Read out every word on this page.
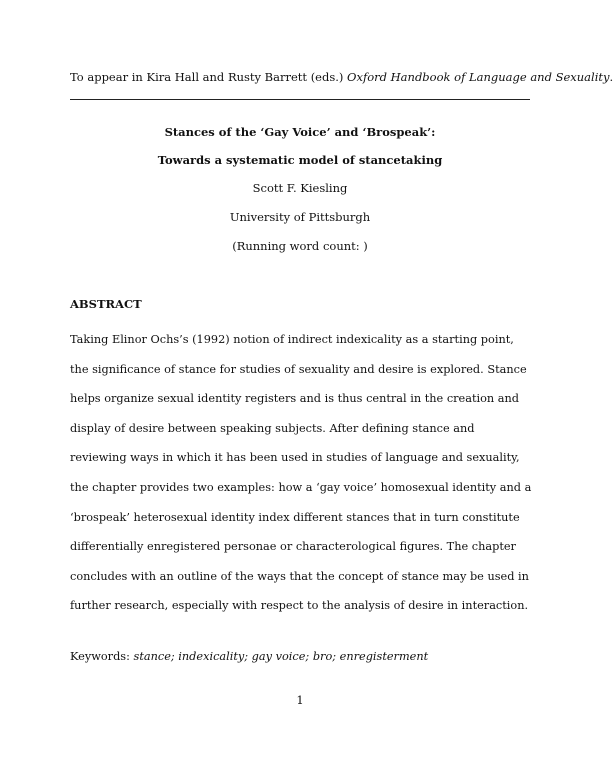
To appear in Kira Hall and Rusty Barrett (eds.) Oxford Handbook of Language and Sexuality.
Stances of the ‘Gay Voice’ and ‘Brospeak’:
Towards a systematic model of stancetaking
Scott F. Kiesling
University of Pittsburgh
(Running word count: )
ABSTRACT

Taking Elinor Ochs’s (1992) notion of indirect indexicality as a starting point, the significance of stance for studies of sexuality and desire is explored. Stance helps organize sexual identity registers and is thus central in the creation and display of desire between speaking subjects. After defining stance and reviewing ways in which it has been used in studies of language and sexuality, the chapter provides two examples: how a ‘gay voice’ homosexual identity and a ‘brospeak’ heterosexual identity index different stances that in turn constitute differentially enregistered personae or characterological figures. The chapter concludes with an outline of the ways that the concept of stance may be used in further research, especially with respect to the analysis of desire in interaction.

Keywords: stance; indexicality; gay voice; bro; enregisterment
1
